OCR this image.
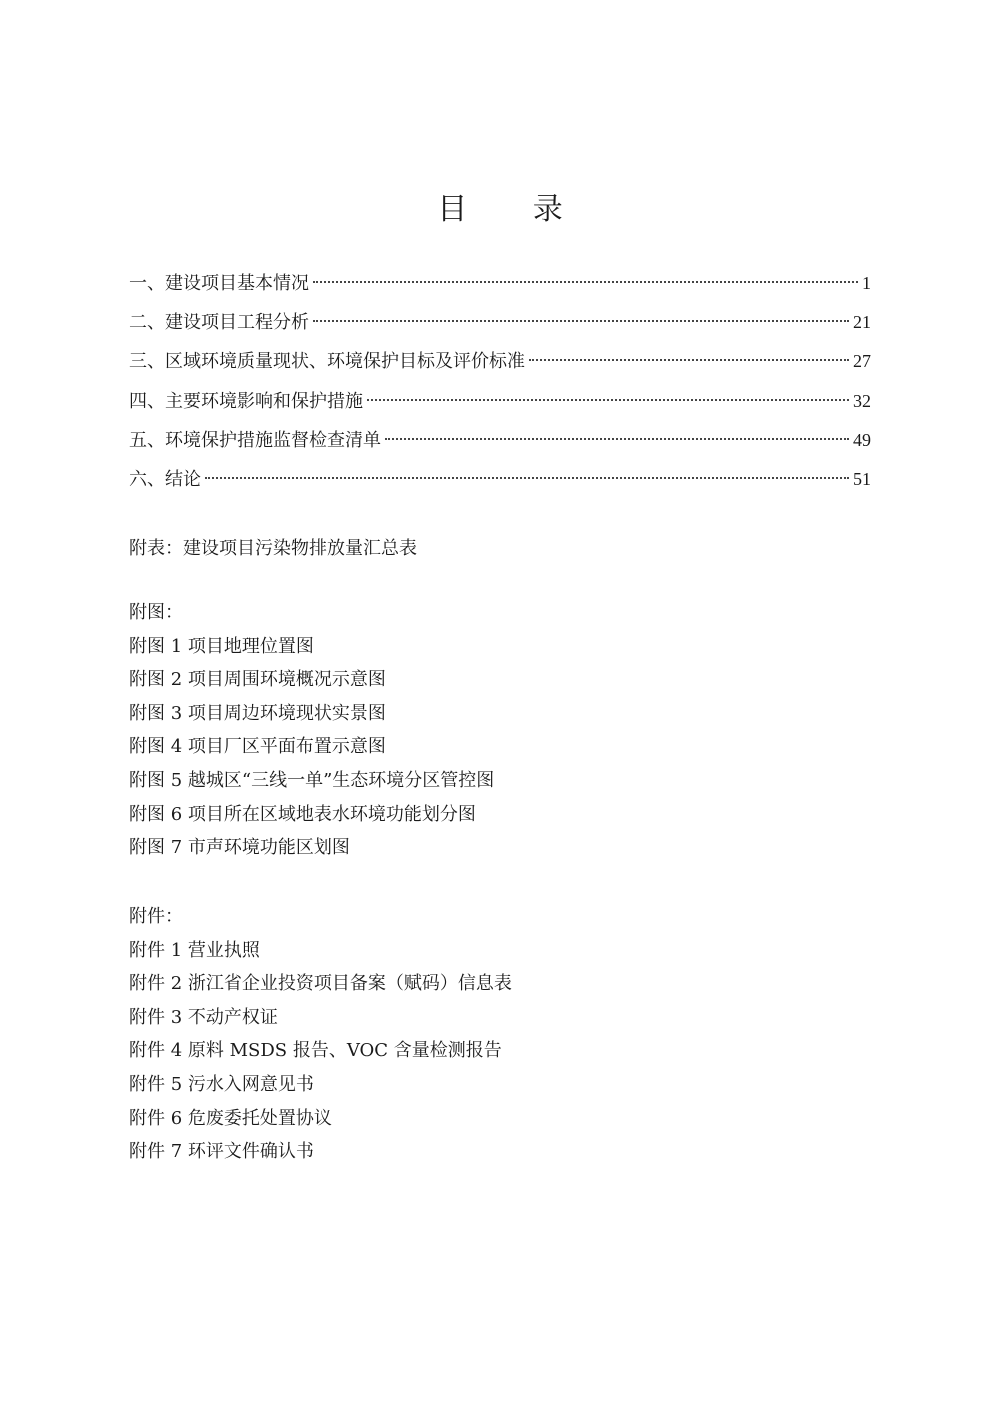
目 录
一、建设项目基本情况	1
二、建设项目工程分析	21
三、区域环境质量现状、环境保护目标及评价标准	27
四、主要环境影响和保护措施	32
五、环境保护措施监督检查清单	49
六、结论	51
附表：建设项目污染物排放量汇总表
附图：
附图 1 项目地理位置图
附图 2 项目周围环境概况示意图
附图 3 项目周边环境现状实景图
附图 4 项目厂区平面布置示意图
附图 5 越城区“三线一单”生态环境分区管控图
附图 6 项目所在区域地表水环境功能划分图
附图 7 市声环境功能区划图
附件：
附件 1 营业执照
附件 2 浙江省企业投资项目备案（赋码）信息表
附件 3 不动产权证
附件 4 原料 MSDS 报告、VOC 含量检测报告
附件 5 污水入网意见书
附件 6 危废委托处置协议
附件 7 环评文件确认书
